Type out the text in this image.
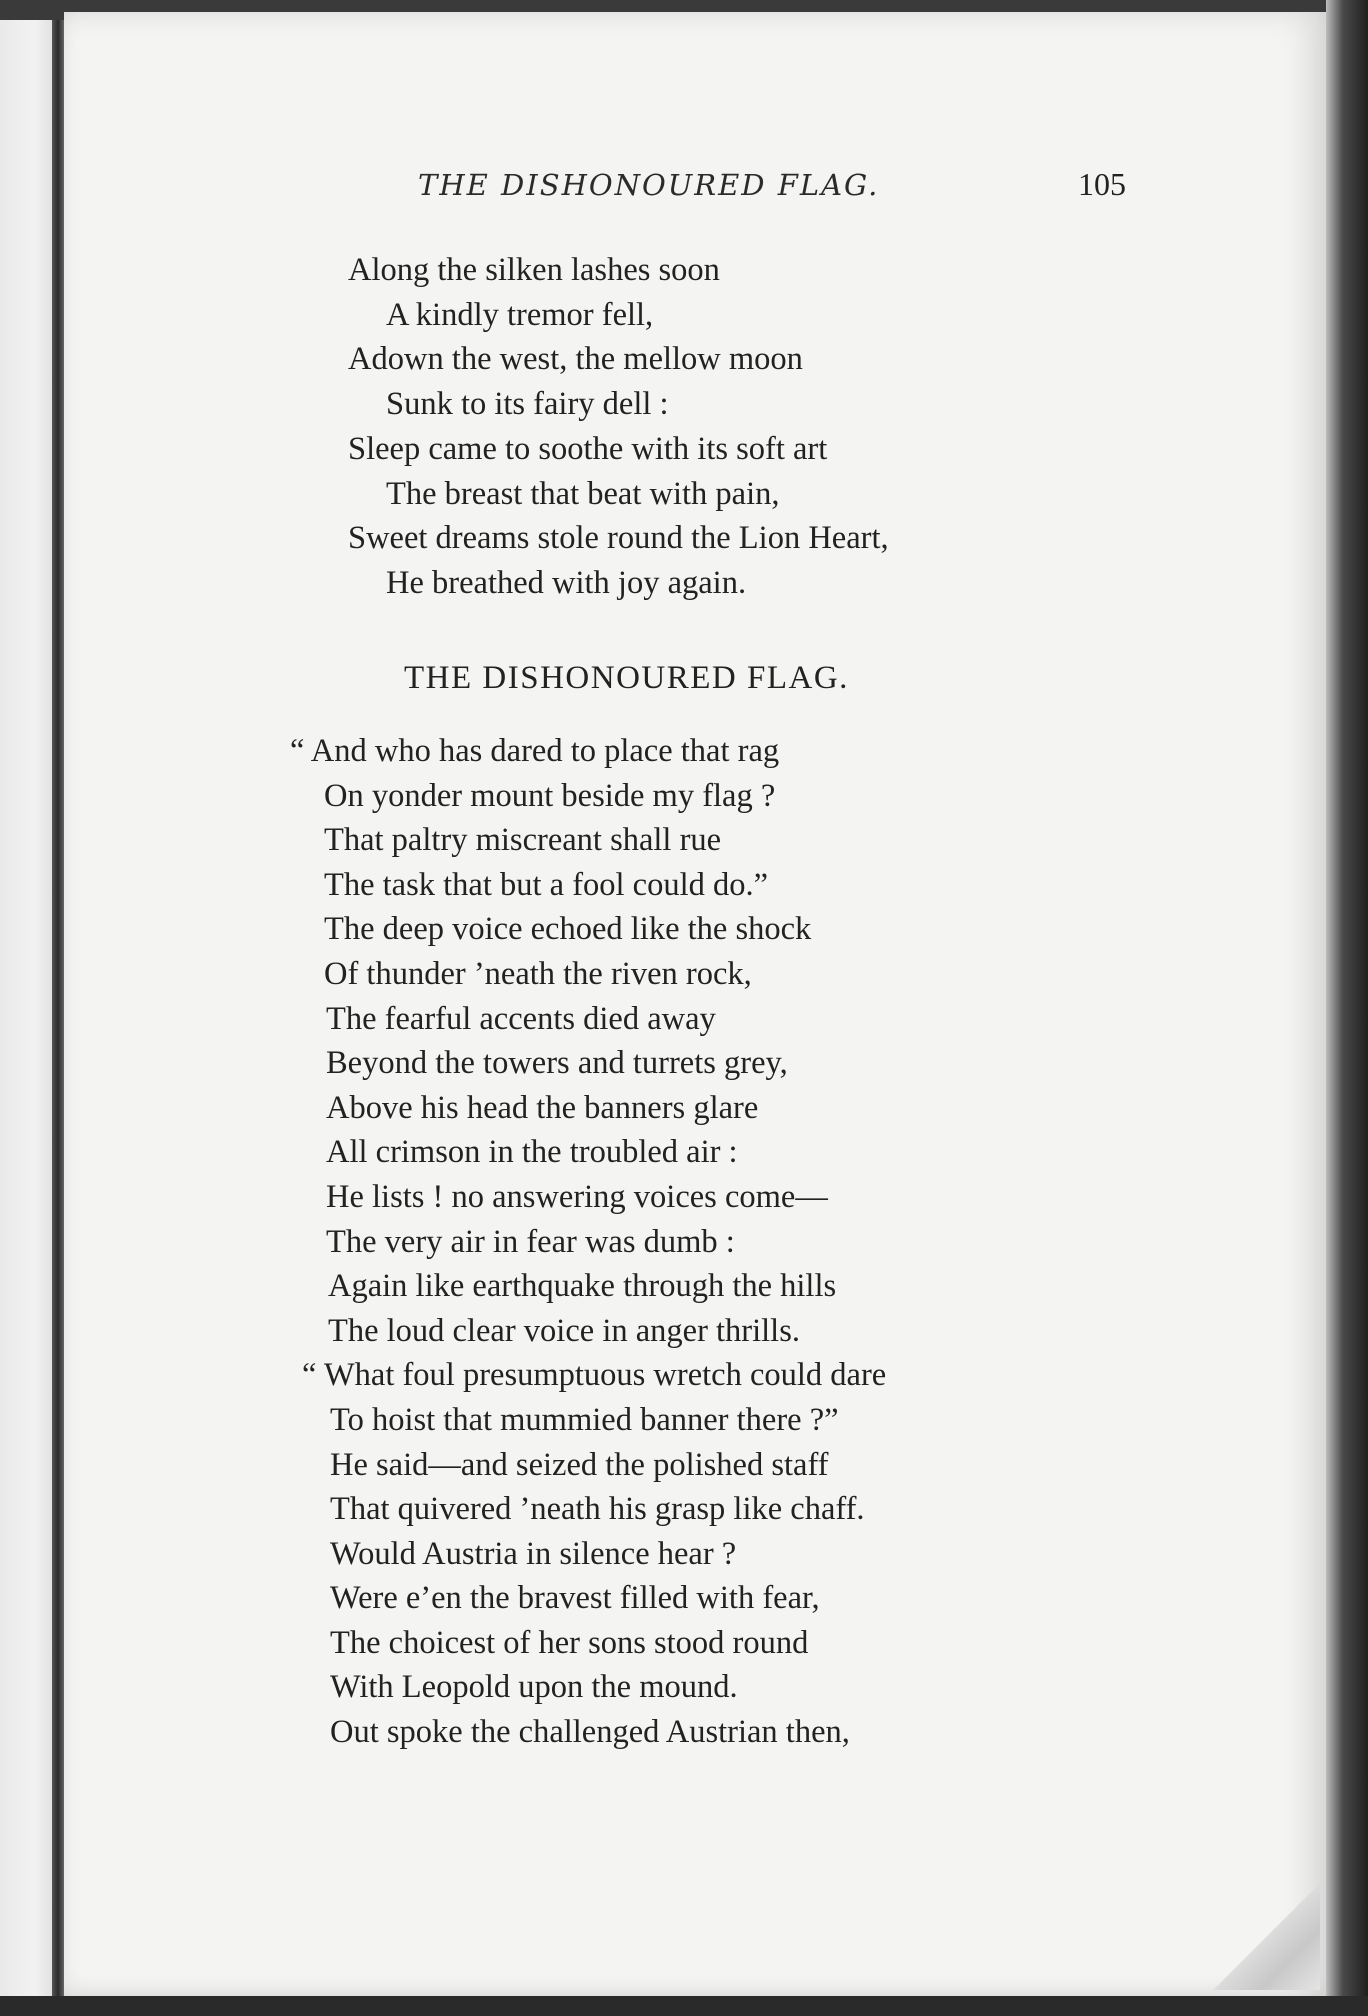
THE DISHONOURED FLAG.	105
Along the silken lashes soon
A kindly tremor fell,
Adown the west, the mellow moon
Sunk to its fairy dell :
Sleep came to soothe with its soft art
The breast that beat with pain,
Sweet dreams stole round the Lion Heart,
He breathed with joy again.
THE DISHONOURED FLAG.
“ And who has dared to place that rag
On yonder mount beside my flag ?
That paltry miscreant shall rue
The task that but a fool could do.”
The deep voice echoed like the shock
Of thunder ’neath the riven rock,
The fearful accents died away
Beyond the towers and turrets grey,
Above his head the banners glare
All crimson in the troubled air :
He lists ! no answering voices come—
The very air in fear was dumb :
Again like earthquake through the hills
The loud clear voice in anger thrills.
“ What foul presumptuous wretch could dare
To hoist that mummied banner there ?”
He said—and seized the polished staff
That quivered ’neath his grasp like chaff.
Would Austria in silence hear ?
Were e’en the bravest filled with fear,
The choicest of her sons stood round
With Leopold upon the mound.
Out spoke the challenged Austrian then,
